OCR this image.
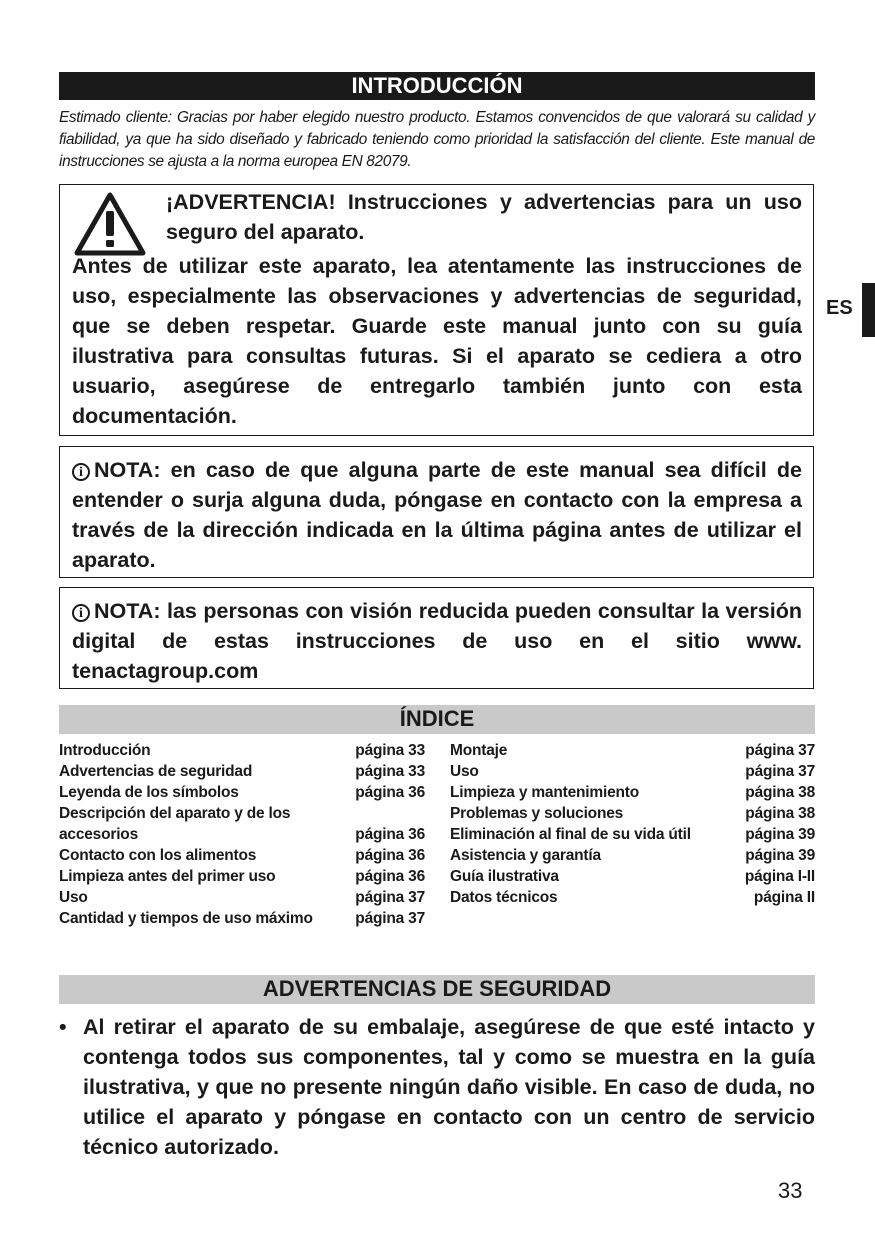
ES
INTRODUCCIÓN
Estimado cliente: Gracias por haber elegido nuestro producto. Estamos convencidos de que valorará su calidad y fiabilidad, ya que ha sido diseñado y fabricado teniendo como prioridad la satisfacción del cliente. Este manual de instrucciones se ajusta a la norma europea EN 82079.
¡ADVERTENCIA! Instrucciones y advertencias para un uso seguro del aparato.
Antes de utilizar este aparato, lea atentamente las instrucciones de uso, especialmente las observaciones y advertencias de seguridad, que se deben respetar. Guarde este manual junto con su guía ilustrativa para consultas futuras. Si el aparato se cediera a otro usuario, asegúrese de entregarlo también junto con esta documentación.
i NOTA: en caso de que alguna parte de este manual sea difícil de entender o surja alguna duda, póngase en contacto con la empresa a través de la dirección indicada en la última página antes de utilizar el aparato.
i NOTA: las personas con visión reducida pueden consultar la versión digital de estas instrucciones de uso en el sitio www. tenactagroup.com
ÍNDICE
Introducción	página 33
Advertencias de seguridad	página 33
Leyenda de los símbolos	página 36
Descripción del aparato y de los
accesorios	página 36
Contacto con los alimentos	página 36
Limpieza antes del primer uso	página 36
Uso	página 37
Cantidad y tiempos de uso máximo	página 37
Montaje	página 37
Uso	página 37
Limpieza y mantenimiento	página 38
Problemas y soluciones	página 38
Eliminación al final de su vida útil	página 39
Asistencia y garantía	página 39
Guía ilustrativa	página I-II
Datos técnicos	página II
ADVERTENCIAS DE SEGURIDAD
• Al retirar el aparato de su embalaje, asegúrese de que esté intacto y contenga todos sus componentes, tal y como se muestra en la guía ilustrativa, y que no presente ningún daño visible. En caso de duda, no utilice el aparato y póngase en contacto con un centro de servicio técnico autorizado.
33
